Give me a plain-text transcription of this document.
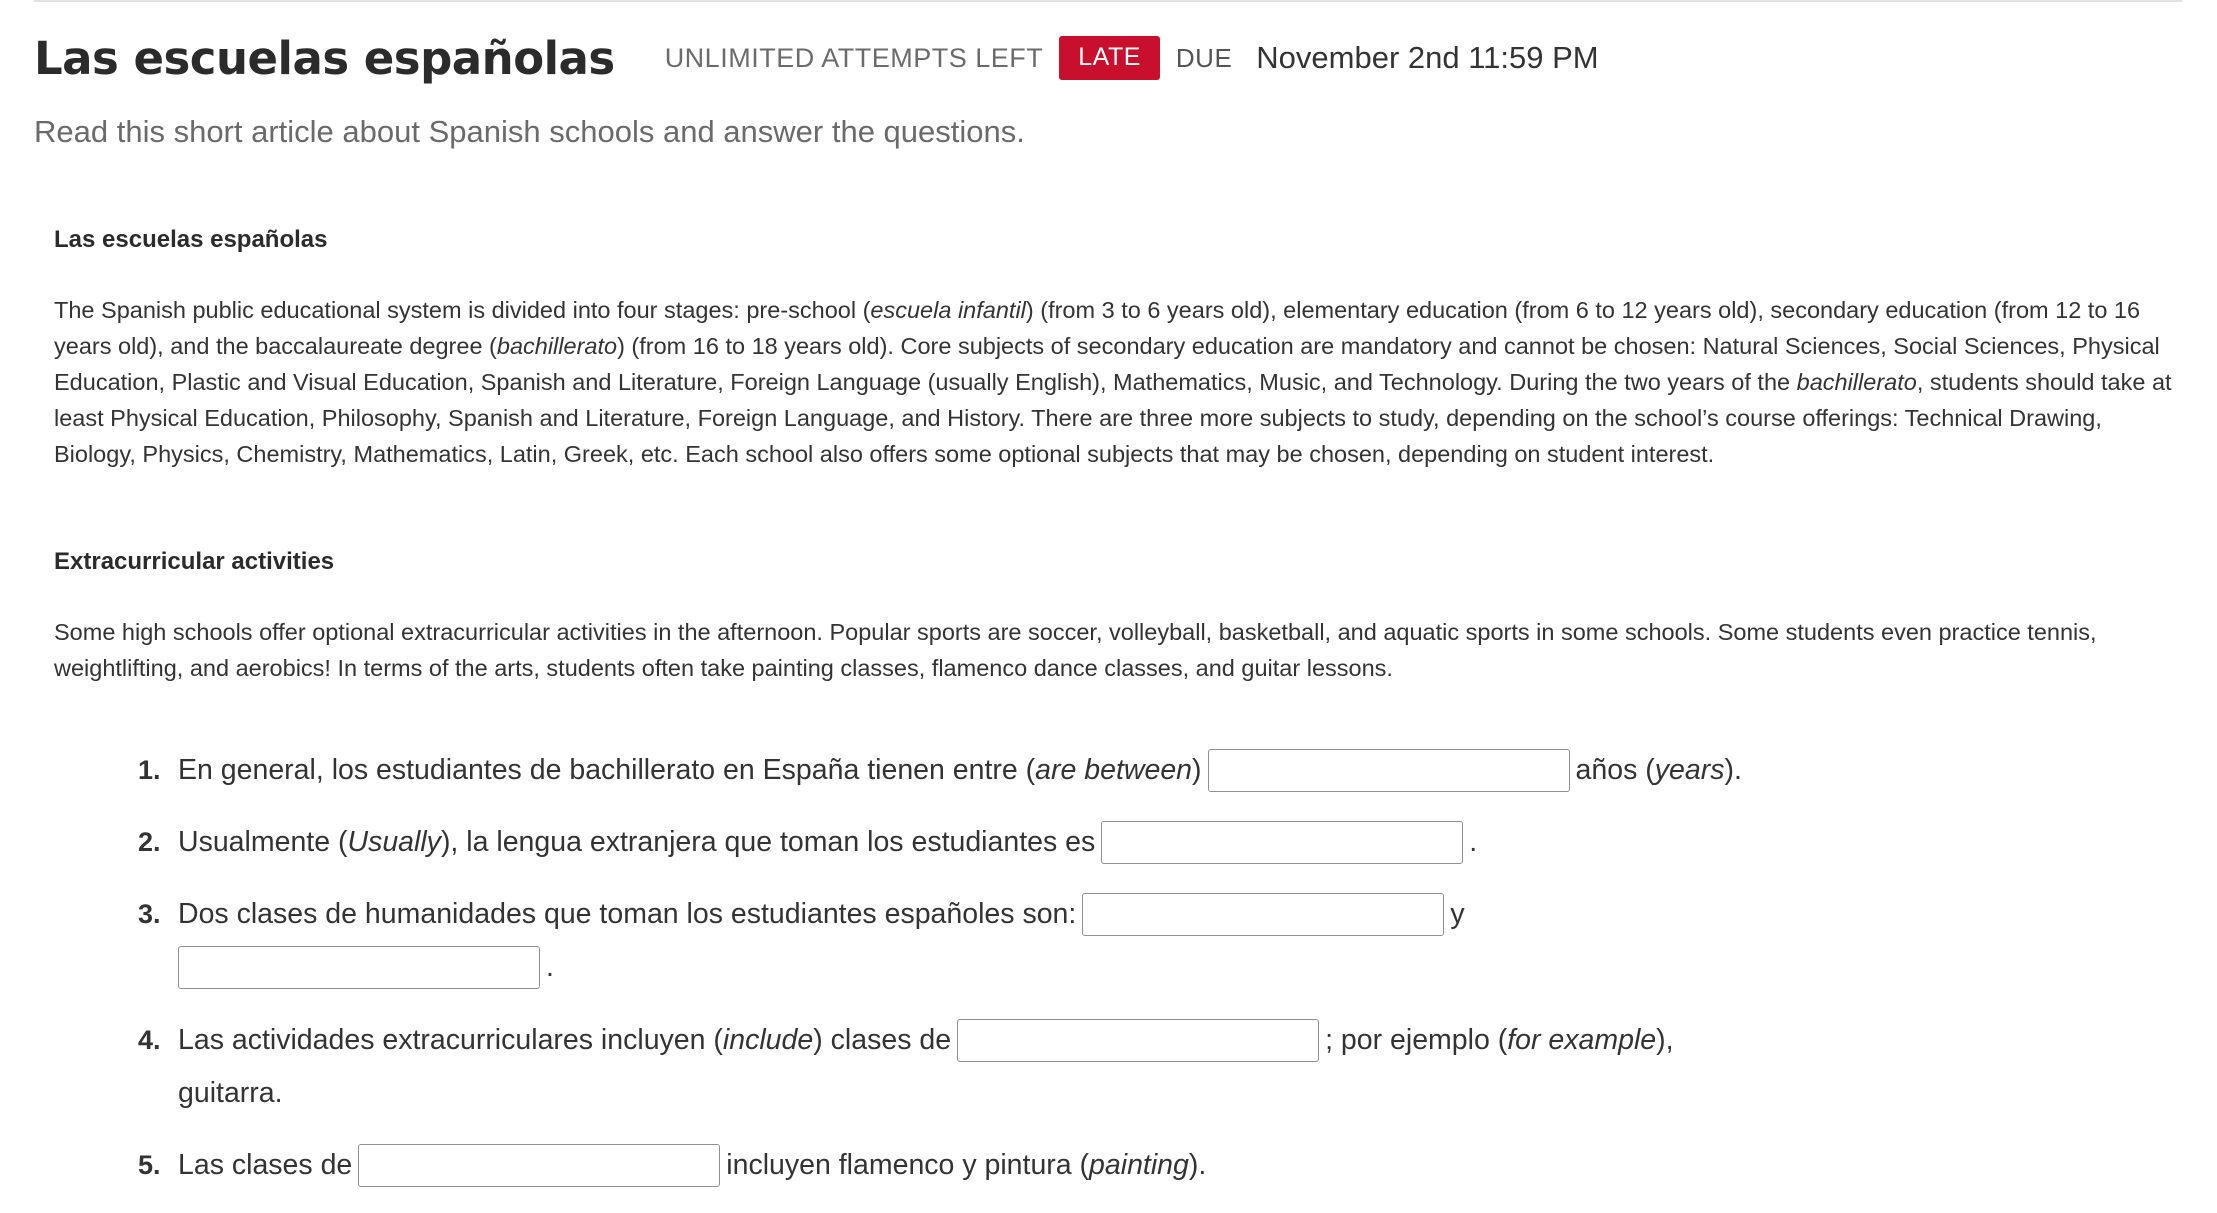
Las escuelas españolas UNLIMITED ATTEMPTS LEFT	LATE	DUE November 2nd 11:59 PM
Read this short article about Spanish schools and answer the questions.
Las escuelas españolas
The Spanish public educational system is divided into four stages: pre-school (escuela infantil) (from 3 to 6 years old), elementary education (from 6 to 12 years old), secondary education (from 12 to 16 years old), and the baccalaureate degree (bachillerato) (from 16 to 18 years old). Core subjects of secondary education are mandatory and cannot be chosen: Natural Sciences, Social Sciences, Physical Education, Plastic and Visual Education, Spanish and Literature, Foreign Language (usually English), Mathematics, Music, and Technology. During the two years of the bachillerato, students should take at least Physical Education, Philosophy, Spanish and Literature, Foreign Language, and History. There are three more subjects to study, depending on the school’s course offerings: Technical Drawing, Biology, Physics, Chemistry, Mathematics, Latin, Greek, etc. Each school also offers some optional subjects that may be chosen, depending on student interest.
Extracurricular activities
Some high schools offer optional extracurricular activities in the afternoon. Popular sports are soccer, volleyball, basketball, and aquatic sports in some schools. Some students even practice tennis, weightlifting, and aerobics! In terms of the arts, students often take painting classes, flamenco dance classes, and guitar lessons.
1. En general, los estudiantes de bachillerato en España tienen entre ( are between )	años ( years ).
2. Usualmente ( Usually ), la lengua extranjera que toman los estudiantes es	.
3. Dos clases de humanidades que toman los estudiantes españoles son:	y
.
4. Las actividades extracurriculares incluyen ( include ) clases de	; por ejemplo ( for example ),
guitarra.
5. Las clases de	incluyen flamenco y pintura ( painting ).
